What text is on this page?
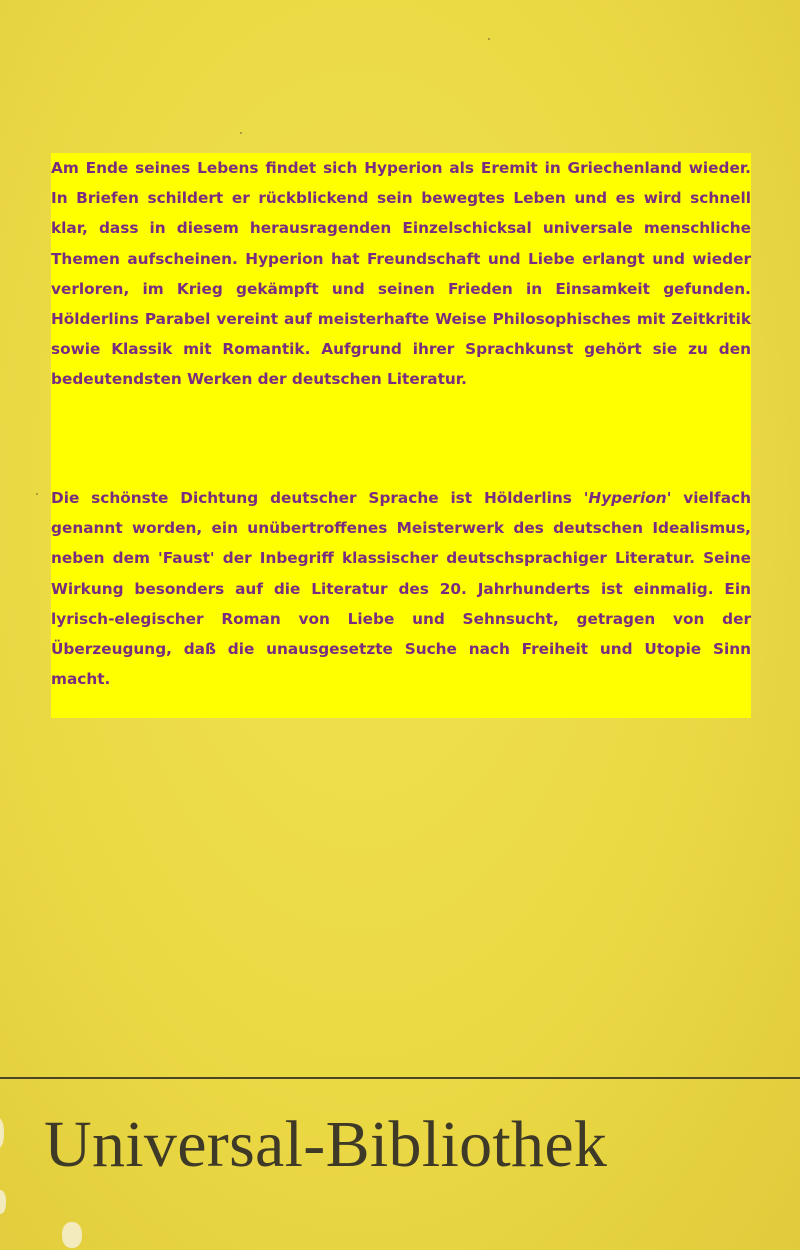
Am Ende seines Lebens findet sich Hyperion als Eremit in Griechenland wieder. In Briefen schildert er rückblickend sein bewegtes Leben und es wird schnell klar, dass in diesem herausragenden Einzelschicksal universale menschliche Themen aufscheinen. Hyperion hat Freundschaft und Liebe erlangt und wieder verloren, im Krieg gekämpft und seinen Frieden in Einsamkeit gefunden. Hölderlins Parabel vereint auf meisterhafte Weise Philosophisches mit Zeitkritik sowie Klassik mit Romantik. Aufgrund ihrer Sprachkunst gehört sie zu den bedeutendsten Werken der deutschen Literatur.

Die schönste Dichtung deutscher Sprache ist Hölderlins 'Hyperion' vielfach genannt worden, ein unübertroffenes Meisterwerk des deutschen Idealismus, neben dem 'Faust' der Inbegriff klassischer deutschsprachiger Literatur. Seine Wirkung besonders auf die Literatur des 20. Jahrhunderts ist einmalig. Ein lyrisch-elegischer Roman von Liebe und Sehnsucht, getragen von der Überzeugung, daß die unausgesetzte Suche nach Freiheit und Utopie Sinn macht.

Universal-Bibliothek
